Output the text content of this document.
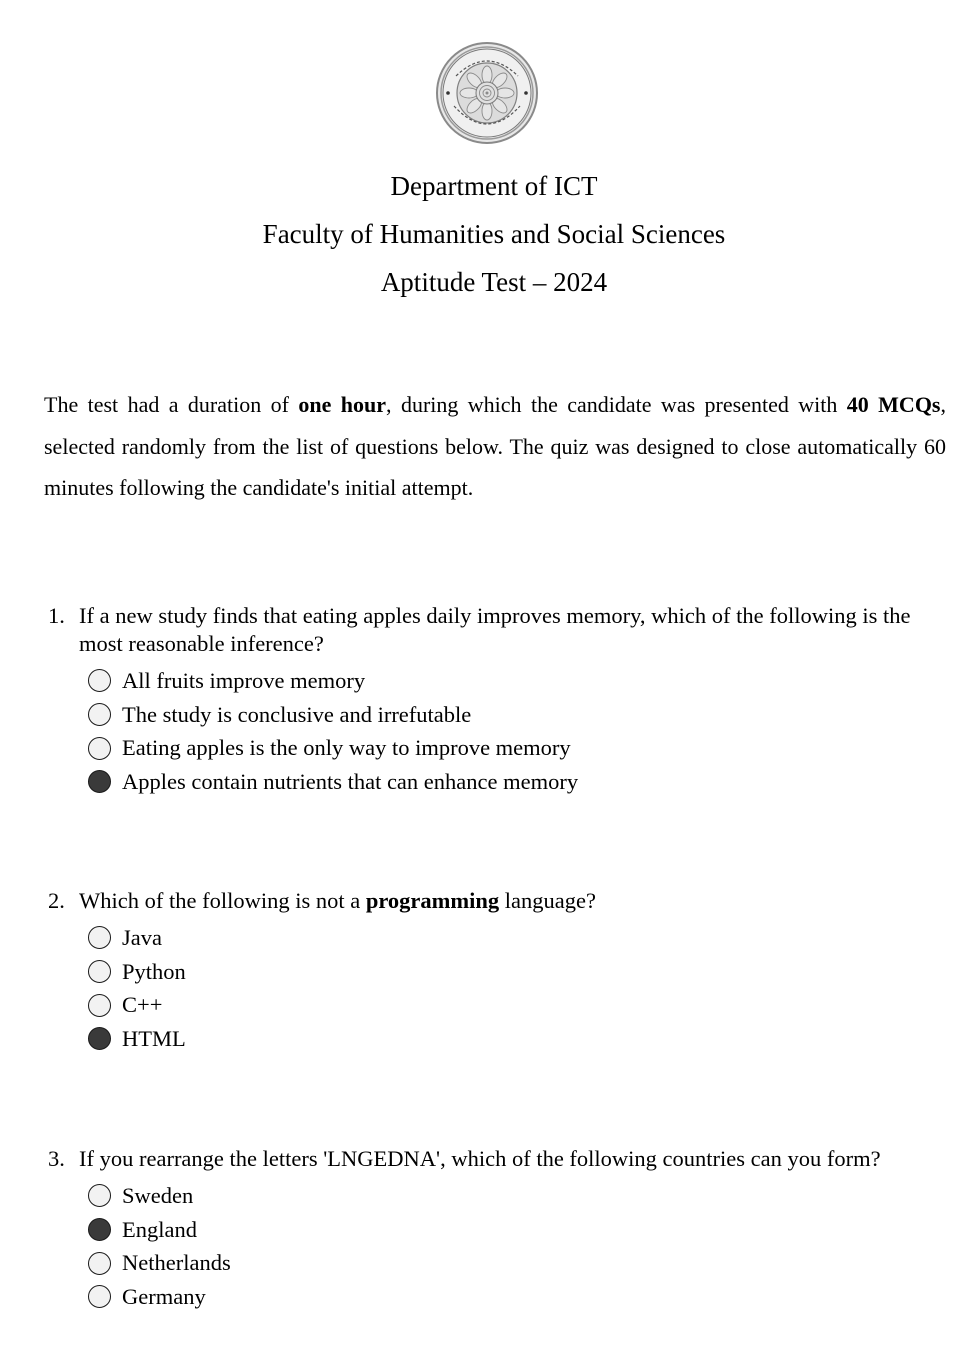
Department of ICT
Faculty of Humanities and Social Sciences
Aptitude Test – 2024
The test had a duration of one hour, during which the candidate was presented with 40 MCQs, selected randomly from the list of questions below. The quiz was designed to close automatically 60 minutes following the candidate's initial attempt.
1. If a new study finds that eating apples daily improves memory, which of the following is the most reasonable inference?
All fruits improve memory
The study is conclusive and irrefutable
Eating apples is the only way to improve memory
Apples contain nutrients that can enhance memory
2. Which of the following is not a programming language?
Java
Python
C++
HTML
3. If you rearrange the letters 'LNGEDNA', which of the following countries can you form?
Sweden
England
Netherlands
Germany
